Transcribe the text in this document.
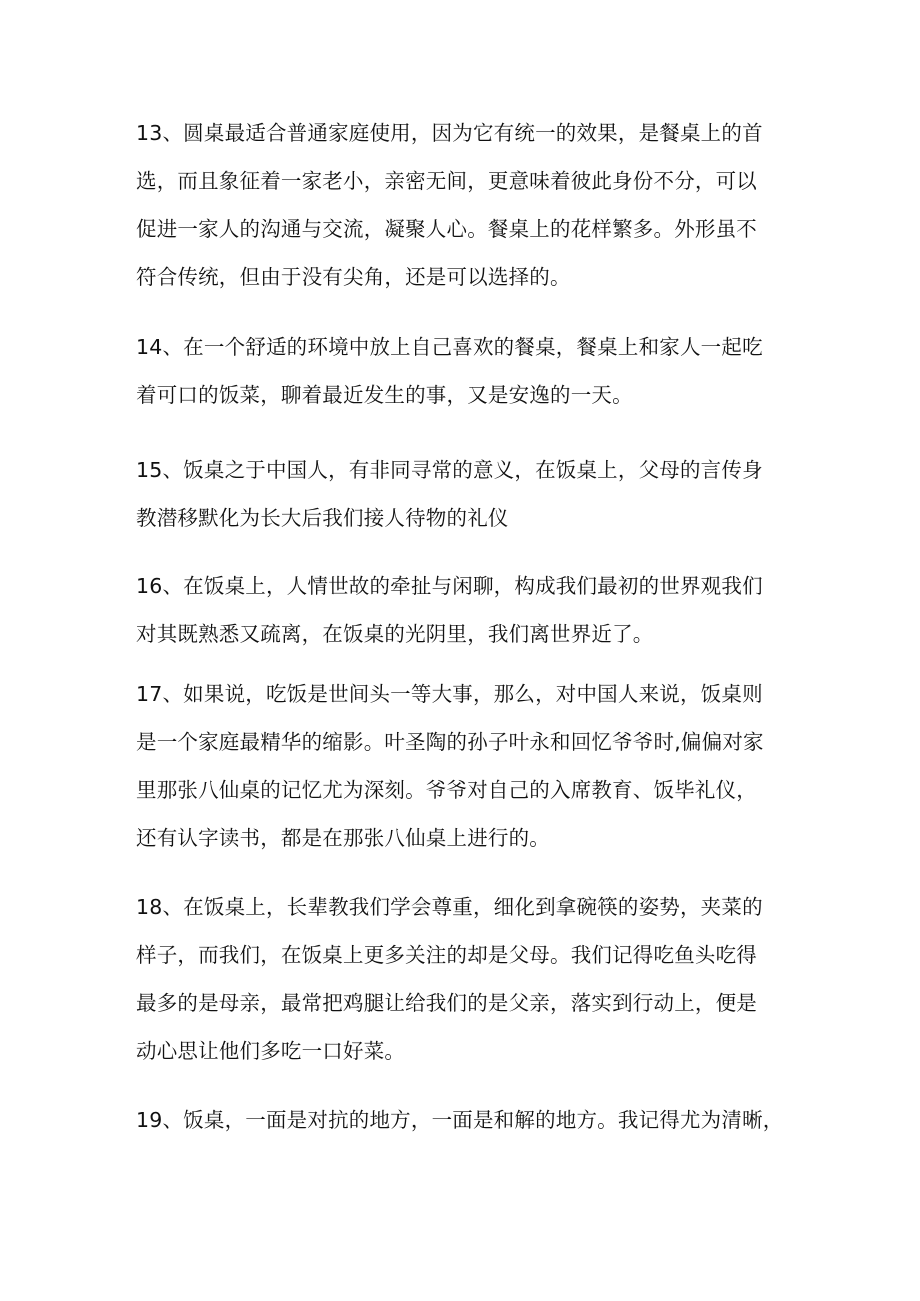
13、圆桌最适合普通家庭使用，因为它有统一的效果，是餐桌上的首
选，而且象征着一家老小，亲密无间，更意味着彼此身份不分，可以
促进一家人的沟通与交流，凝聚人心。餐桌上的花样繁多。外形虽不
符合传统，但由于没有尖角，还是可以选择的。
14、在一个舒适的环境中放上自己喜欢的餐桌，餐桌上和家人一起吃
着可口的饭菜，聊着最近发生的事，又是安逸的一天。
15、饭桌之于中国人，有非同寻常的意义，在饭桌上，父母的言传身
教潜移默化为长大后我们接人待物的礼仪
16、在饭桌上，人情世故的牵扯与闲聊，构成我们最初的世界观我们
对其既熟悉又疏离，在饭桌的光阴里，我们离世界近了。
17、如果说，吃饭是世间头一等大事，那么，对中国人来说，饭桌则
是一个家庭最精华的缩影。叶圣陶的孙子叶永和回忆爷爷时,偏偏对家
里那张八仙桌的记忆尤为深刻。爷爷对自己的入席教育、饭毕礼仪，
还有认字读书，都是在那张八仙桌上进行的。
18、在饭桌上，长辈教我们学会尊重，细化到拿碗筷的姿势，夹菜的
样子，而我们，在饭桌上更多关注的却是父母。我们记得吃鱼头吃得
最多的是母亲，最常把鸡腿让给我们的是父亲，落实到行动上，便是
动心思让他们多吃一口好菜。
19、饭桌，一面是对抗的地方，一面是和解的地方。我记得尤为清晰，
